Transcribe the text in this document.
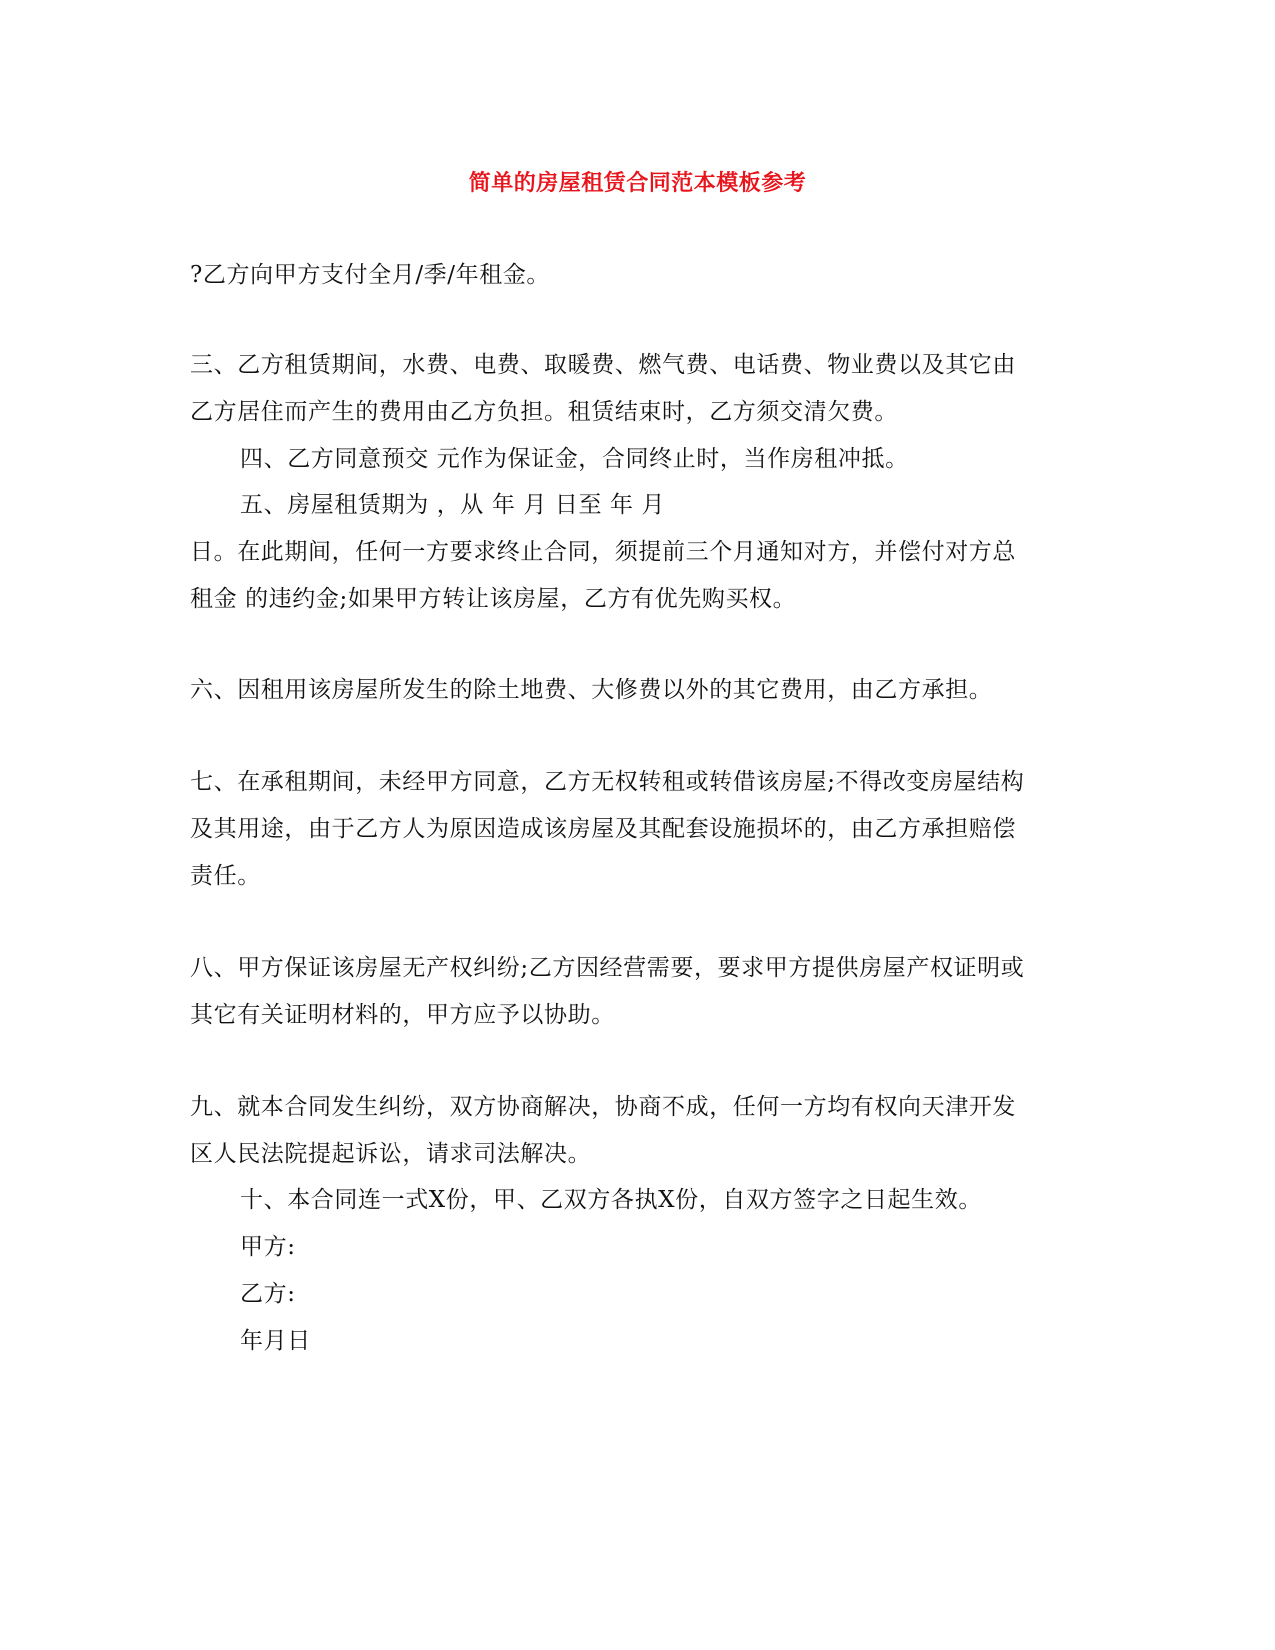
简单的房屋租赁合同范本模板参考
?乙方向甲方支付全月/季/年租金。
三、乙方租赁期间，水费、电费、取暖费、燃气费、电话费、物业费以及其它由
乙方居住而产生的费用由乙方负担。租赁结束时，乙方须交清欠费。
四、乙方同意预交 元作为保证金，合同终止时，当作房租冲抵。
五、房屋租赁期为 ，从 年 月 日至 年 月
日。在此期间，任何一方要求终止合同，须提前三个月通知对方，并偿付对方总
租金 的违约金;如果甲方转让该房屋，乙方有优先购买权。
六、因租用该房屋所发生的除土地费、大修费以外的其它费用，由乙方承担。
七、在承租期间，未经甲方同意，乙方无权转租或转借该房屋;不得改变房屋结构
及其用途，由于乙方人为原因造成该房屋及其配套设施损坏的，由乙方承担赔偿
责任。
八、甲方保证该房屋无产权纠纷;乙方因经营需要，要求甲方提供房屋产权证明或
其它有关证明材料的，甲方应予以协助。
九、就本合同发生纠纷，双方协商解决，协商不成，任何一方均有权向天津开发
区人民法院提起诉讼，请求司法解决。
十、本合同连一式X份，甲、乙双方各执X份，自双方签字之日起生效。
甲方:
乙方:
年月日
